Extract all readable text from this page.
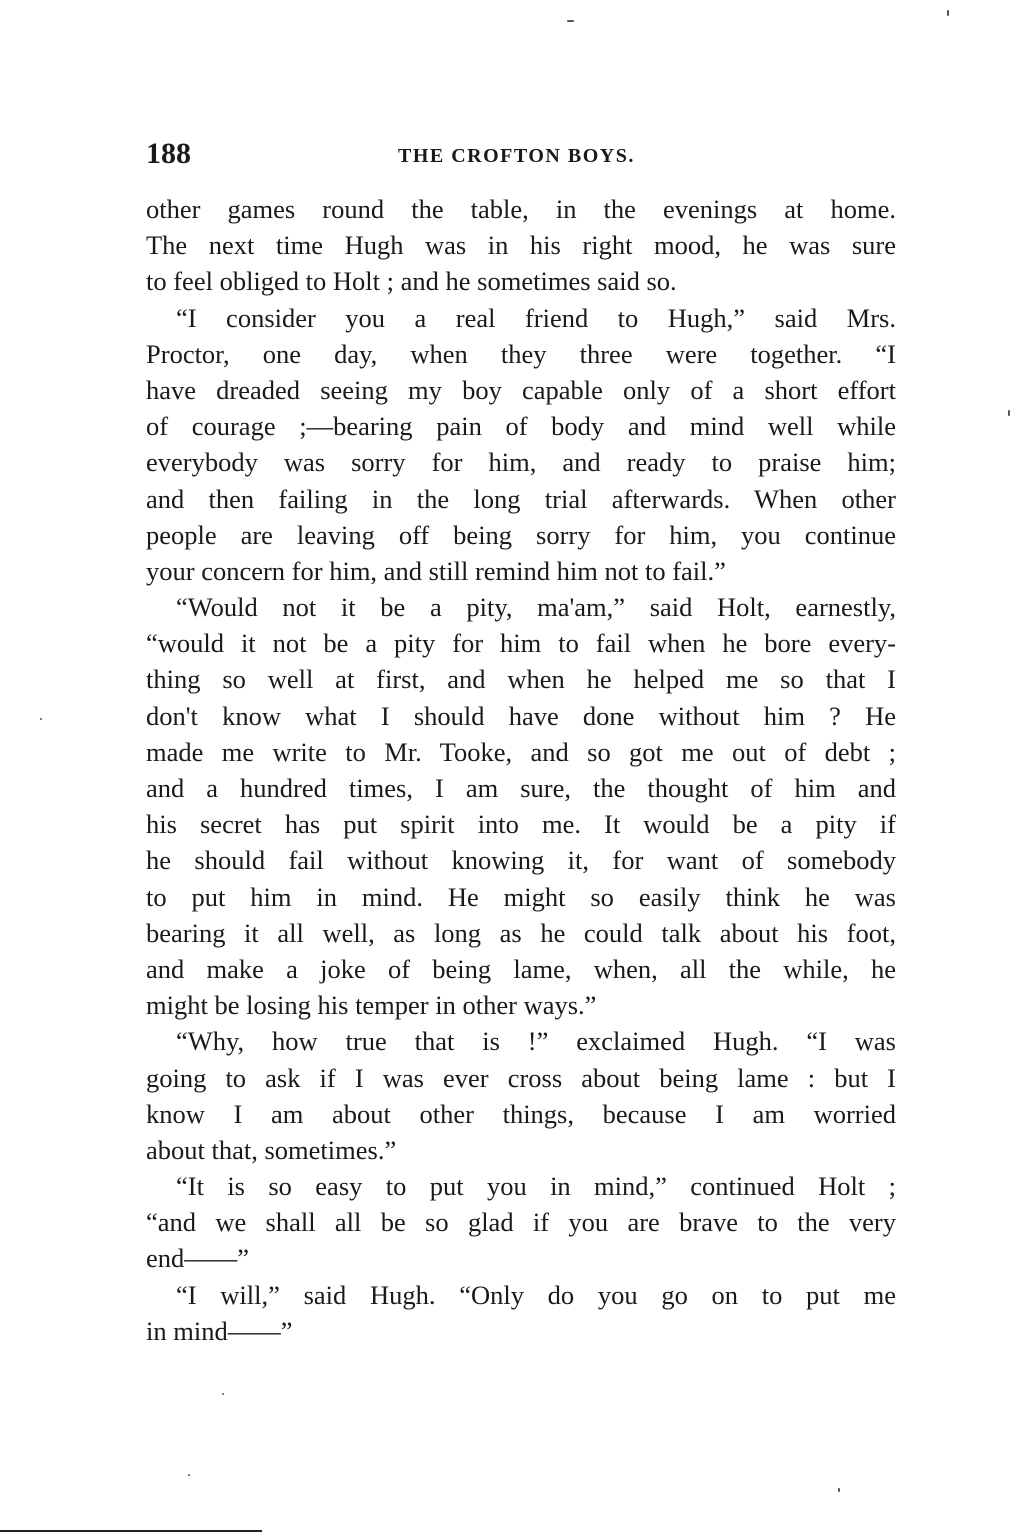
188	THE CROFTON BOYS.
other games round the table, in the evenings at home.
The next time Hugh was in his right mood, he was sure
to feel obliged to Holt ; and he sometimes said so.
“I consider you a real friend to Hugh,” said Mrs.
Proctor, one day, when they three were together. “I
have dreaded seeing my boy capable only of a short effort
of courage ;—bearing pain of body and mind well while
everybody was sorry for him, and ready to praise him;
and then failing in the long trial afterwards. When other
people are leaving off being sorry for him, you continue
your concern for him, and still remind him not to fail.”
“Would not it be a pity, ma'am,” said Holt, earnestly,
“would it not be a pity for him to fail when he bore every-
thing so well at first, and when he helped me so that I
don't know what I should have done without him ? He
made me write to Mr. Tooke, and so got me out of debt ;
and a hundred times, I am sure, the thought of him and
his secret has put spirit into me. It would be a pity if
he should fail without knowing it, for want of somebody
to put him in mind. He might so easily think he was
bearing it all well, as long as he could talk about his foot,
and make a joke of being lame, when, all the while, he
might be losing his temper in other ways.”
“Why, how true that is !” exclaimed Hugh. “I was
going to ask if I was ever cross about being lame : but I
know I am about other things, because I am worried
about that, sometimes.”
“It is so easy to put you in mind,” continued Holt ;
“and we shall all be so glad if you are brave to the very
end——”
“I will,” said Hugh. “Only do you go on to put me
in mind——”
